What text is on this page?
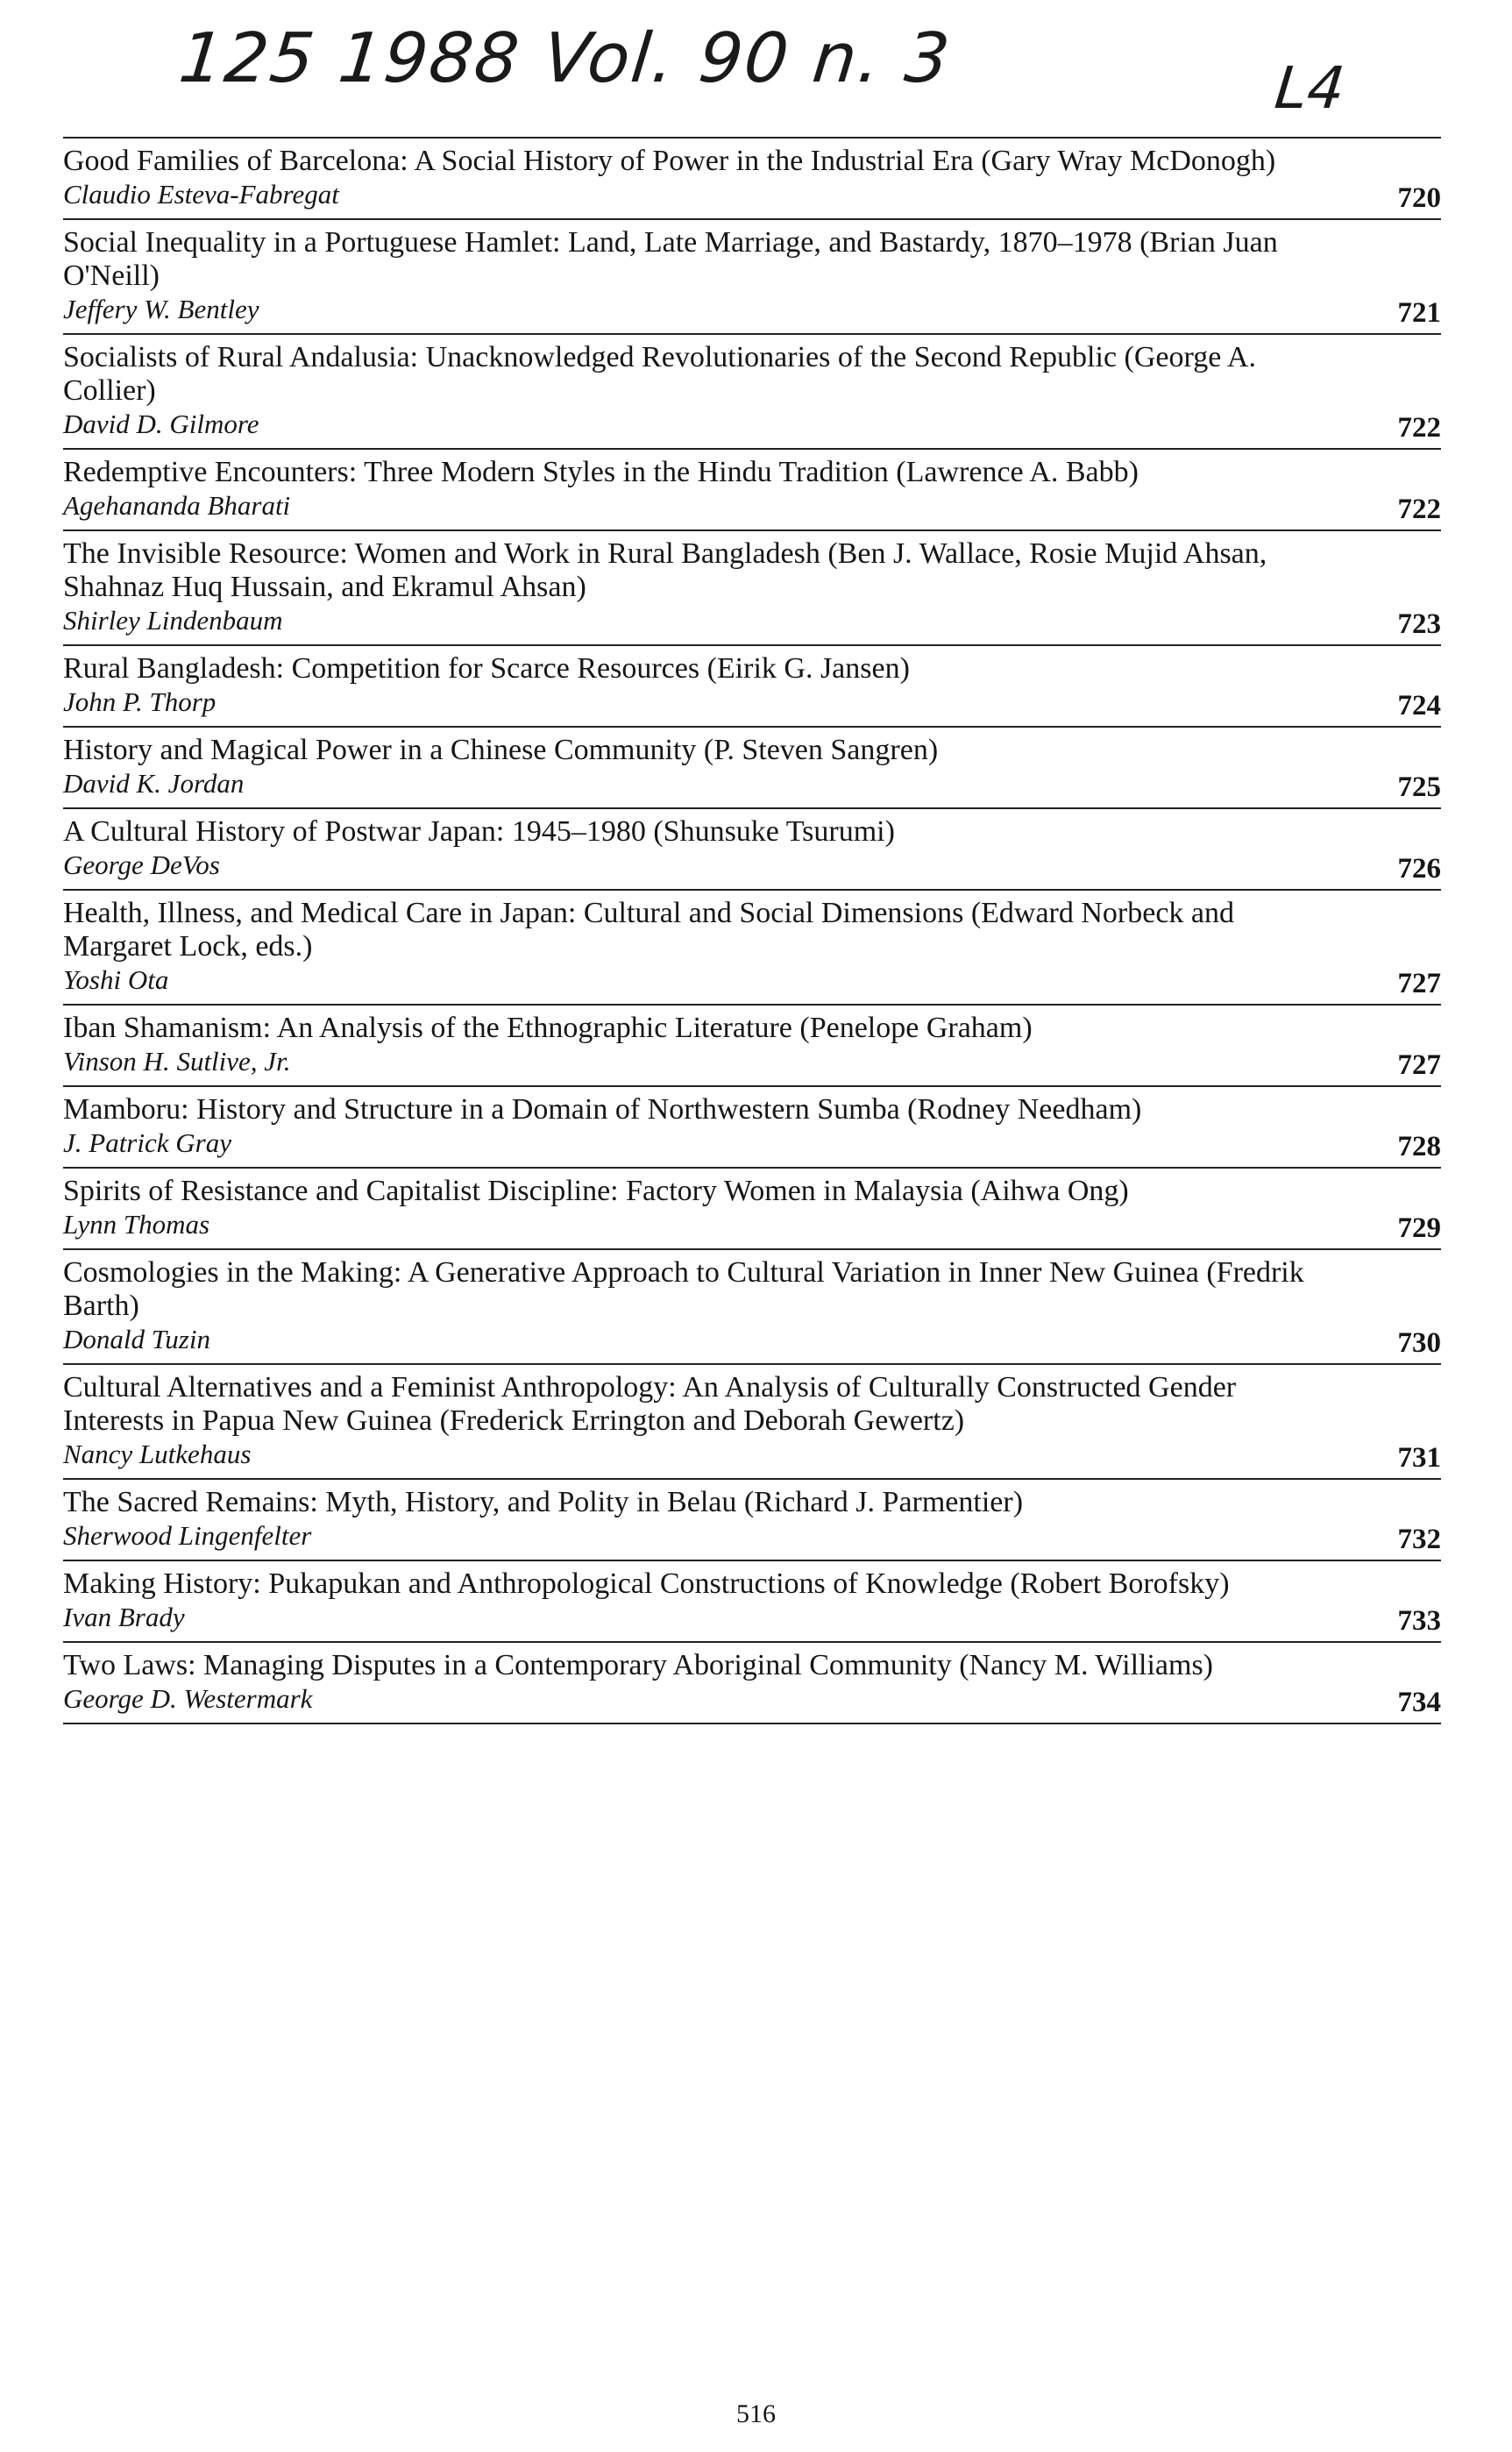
125 1988 Vol. 90 n. 3	L4

Good Families of Barcelona: A Social History of Power in the Industrial Era (Gary Wray McDonogh)

Claudio Esteva-Fabregat	720

Social Inequality in a Portuguese Hamlet: Land, Late Marriage, and Bastardy, 1870–1978 (Brian Juan O'Neill)

Jeffery W. Bentley	721

Socialists of Rural Andalusia: Unacknowledged Revolutionaries of the Second Republic (George A. Collier)

David D. Gilmore	722

Redemptive Encounters: Three Modern Styles in the Hindu Tradition (Lawrence A. Babb)

Agehananda Bharati	722

The Invisible Resource: Women and Work in Rural Bangladesh (Ben J. Wallace, Rosie Mujid Ahsan, Shahnaz Huq Hussain, and Ekramul Ahsan)

Shirley Lindenbaum	723

Rural Bangladesh: Competition for Scarce Resources (Eirik G. Jansen)

John P. Thorp	724

History and Magical Power in a Chinese Community (P. Steven Sangren)

David K. Jordan	725

A Cultural History of Postwar Japan: 1945–1980 (Shunsuke Tsurumi)

George DeVos	726

Health, Illness, and Medical Care in Japan: Cultural and Social Dimensions (Edward Norbeck and Margaret Lock, eds.)

Yoshi Ota	727

Iban Shamanism: An Analysis of the Ethnographic Literature (Penelope Graham)

Vinson H. Sutlive, Jr.	727

Mamboru: History and Structure in a Domain of Northwestern Sumba (Rodney Needham)

J. Patrick Gray	728

Spirits of Resistance and Capitalist Discipline: Factory Women in Malaysia (Aihwa Ong)

Lynn Thomas	729

Cosmologies in the Making: A Generative Approach to Cultural Variation in Inner New Guinea (Fredrik Barth)

Donald Tuzin	730

Cultural Alternatives and a Feminist Anthropology: An Analysis of Culturally Constructed Gender Interests in Papua New Guinea (Frederick Errington and Deborah Gewertz)

Nancy Lutkehaus	731

The Sacred Remains: Myth, History, and Polity in Belau (Richard J. Parmentier)

Sherwood Lingenfelter	732

Making History: Pukapukan and Anthropological Constructions of Knowledge (Robert Borofsky)

Ivan Brady	733

Two Laws: Managing Disputes in a Contemporary Aboriginal Community (Nancy M. Williams)

George D. Westermark	734
516
